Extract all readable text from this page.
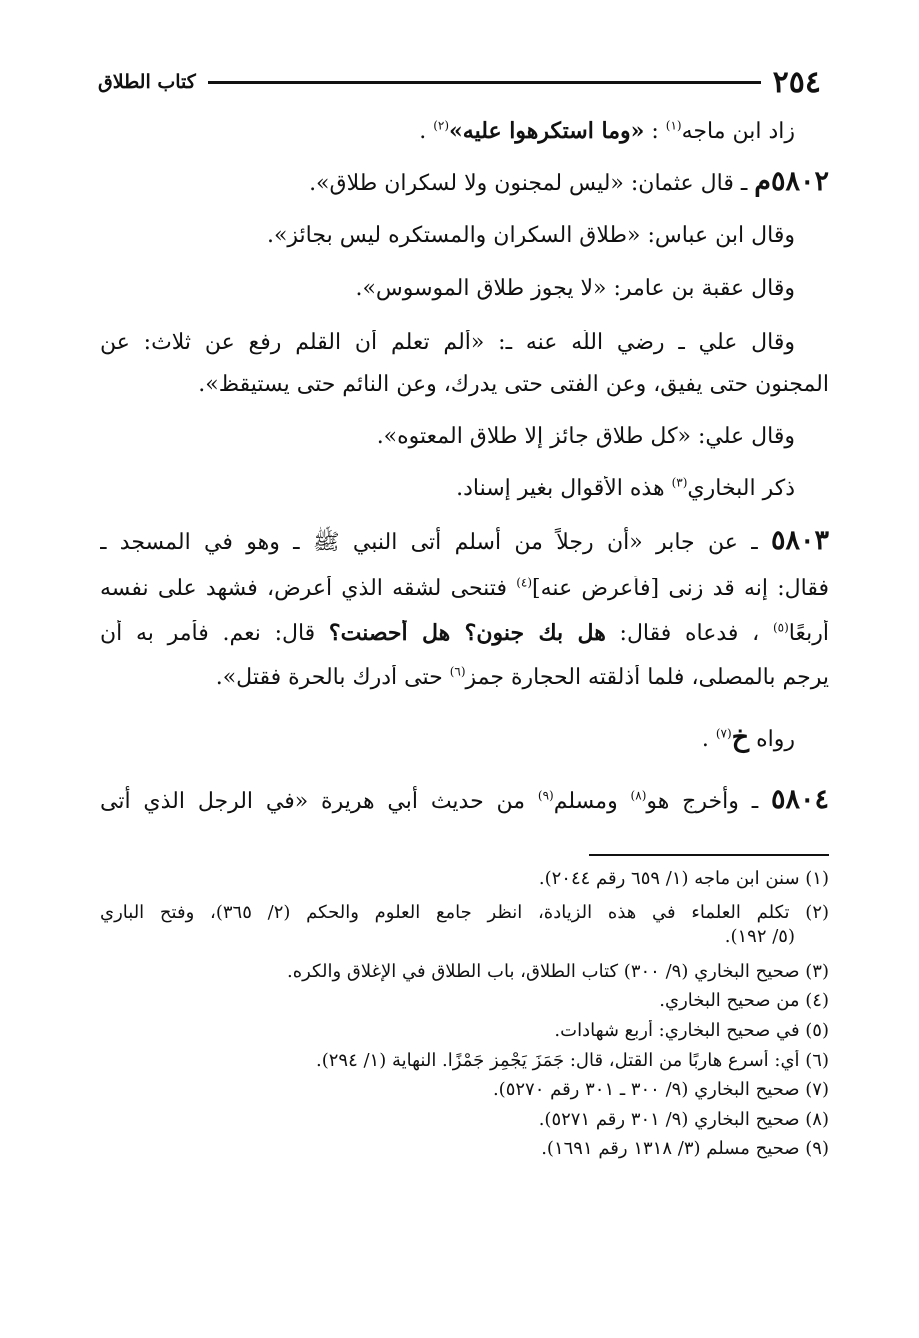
٢٥٤
كتاب الطلاق
زاد ابن ماجه$^{(١)}$ : «وما استكرهوا عليه»$^{(٢)}$ .
٥٨٠٢م ـ قال عثمان: «ليس لمجنون ولا لسكران طلاق».
وقال ابن عباس: «طلاق السكران والمستكره ليس بجائز».
وقال عقبة بن عامر: «لا يجوز طلاق الموسوس».
وقال علي ـ رضي اللَّه عنه ـ: «ألم تعلم أن القلم رفع عن ثلاث: عن
المجنون حتى يفيق، وعن الفتى حتى يدرك، وعن النائم حتى يستيقظ».
وقال علي: «كل طلاق جائز إلا طلاق المعتوه».
ذكر البخاري$^{(٣)}$ هذه الأقوال بغير إسناد.
٥٨٠٣ ـ عن جابر «أن رجلاً من أسلم أتى النبي ﷺ ـ وهو في المسجد ـ
فقال: إنه قد زنى [فأعرض عنه]$^{(٤)}$ فتنحى لشقه الذي أعرض، فشهد على نفسه
أربعًا$^{(٥)}$ ، فدعاه فقال: هل بك جنون؟ هل أحصنت؟ قال: نعم. فأمر به أن
يرجم بالمصلى، فلما أذلقته الحجارة جمز$^{(٦)}$ حتى أدرك بالحرة فقتل».
رواه خ$^{(٧)}$ .
٥٨٠٤ ـ وأخرج هو$^{(٨)}$ ومسلم$^{(٩)}$ من حديث أبي هريرة «في الرجل الذي أتى
(١) سنن ابن ماجه (١/ ٦٥٩ رقم ٢٠٤٤).
(٢) تكلم العلماء في هذه الزيادة، انظر جامع العلوم والحكم (٢/ ٣٦٥)، وفتح الباري
(٥/ ١٩٢).
(٣) صحيح البخاري (٩/ ٣٠٠) كتاب الطلاق، باب الطلاق في الإغلاق والكره.
(٤) من صحيح البخاري.
(٥) في صحيح البخاري: أربع شهادات.
(٦) أي: أسرع هاربًا من القتل، قال: جَمَزَ يَجْمِز جَمْزًا. النهاية (١/ ٢٩٤).
(٧) صحيح البخاري (٩/ ٣٠٠ ـ ٣٠١ رقم ٥٢٧٠).
(٨) صحيح البخاري (٩/ ٣٠١ رقم ٥٢٧١).
(٩) صحيح مسلم (٣/ ١٣١٨ رقم ١٦٩١).
